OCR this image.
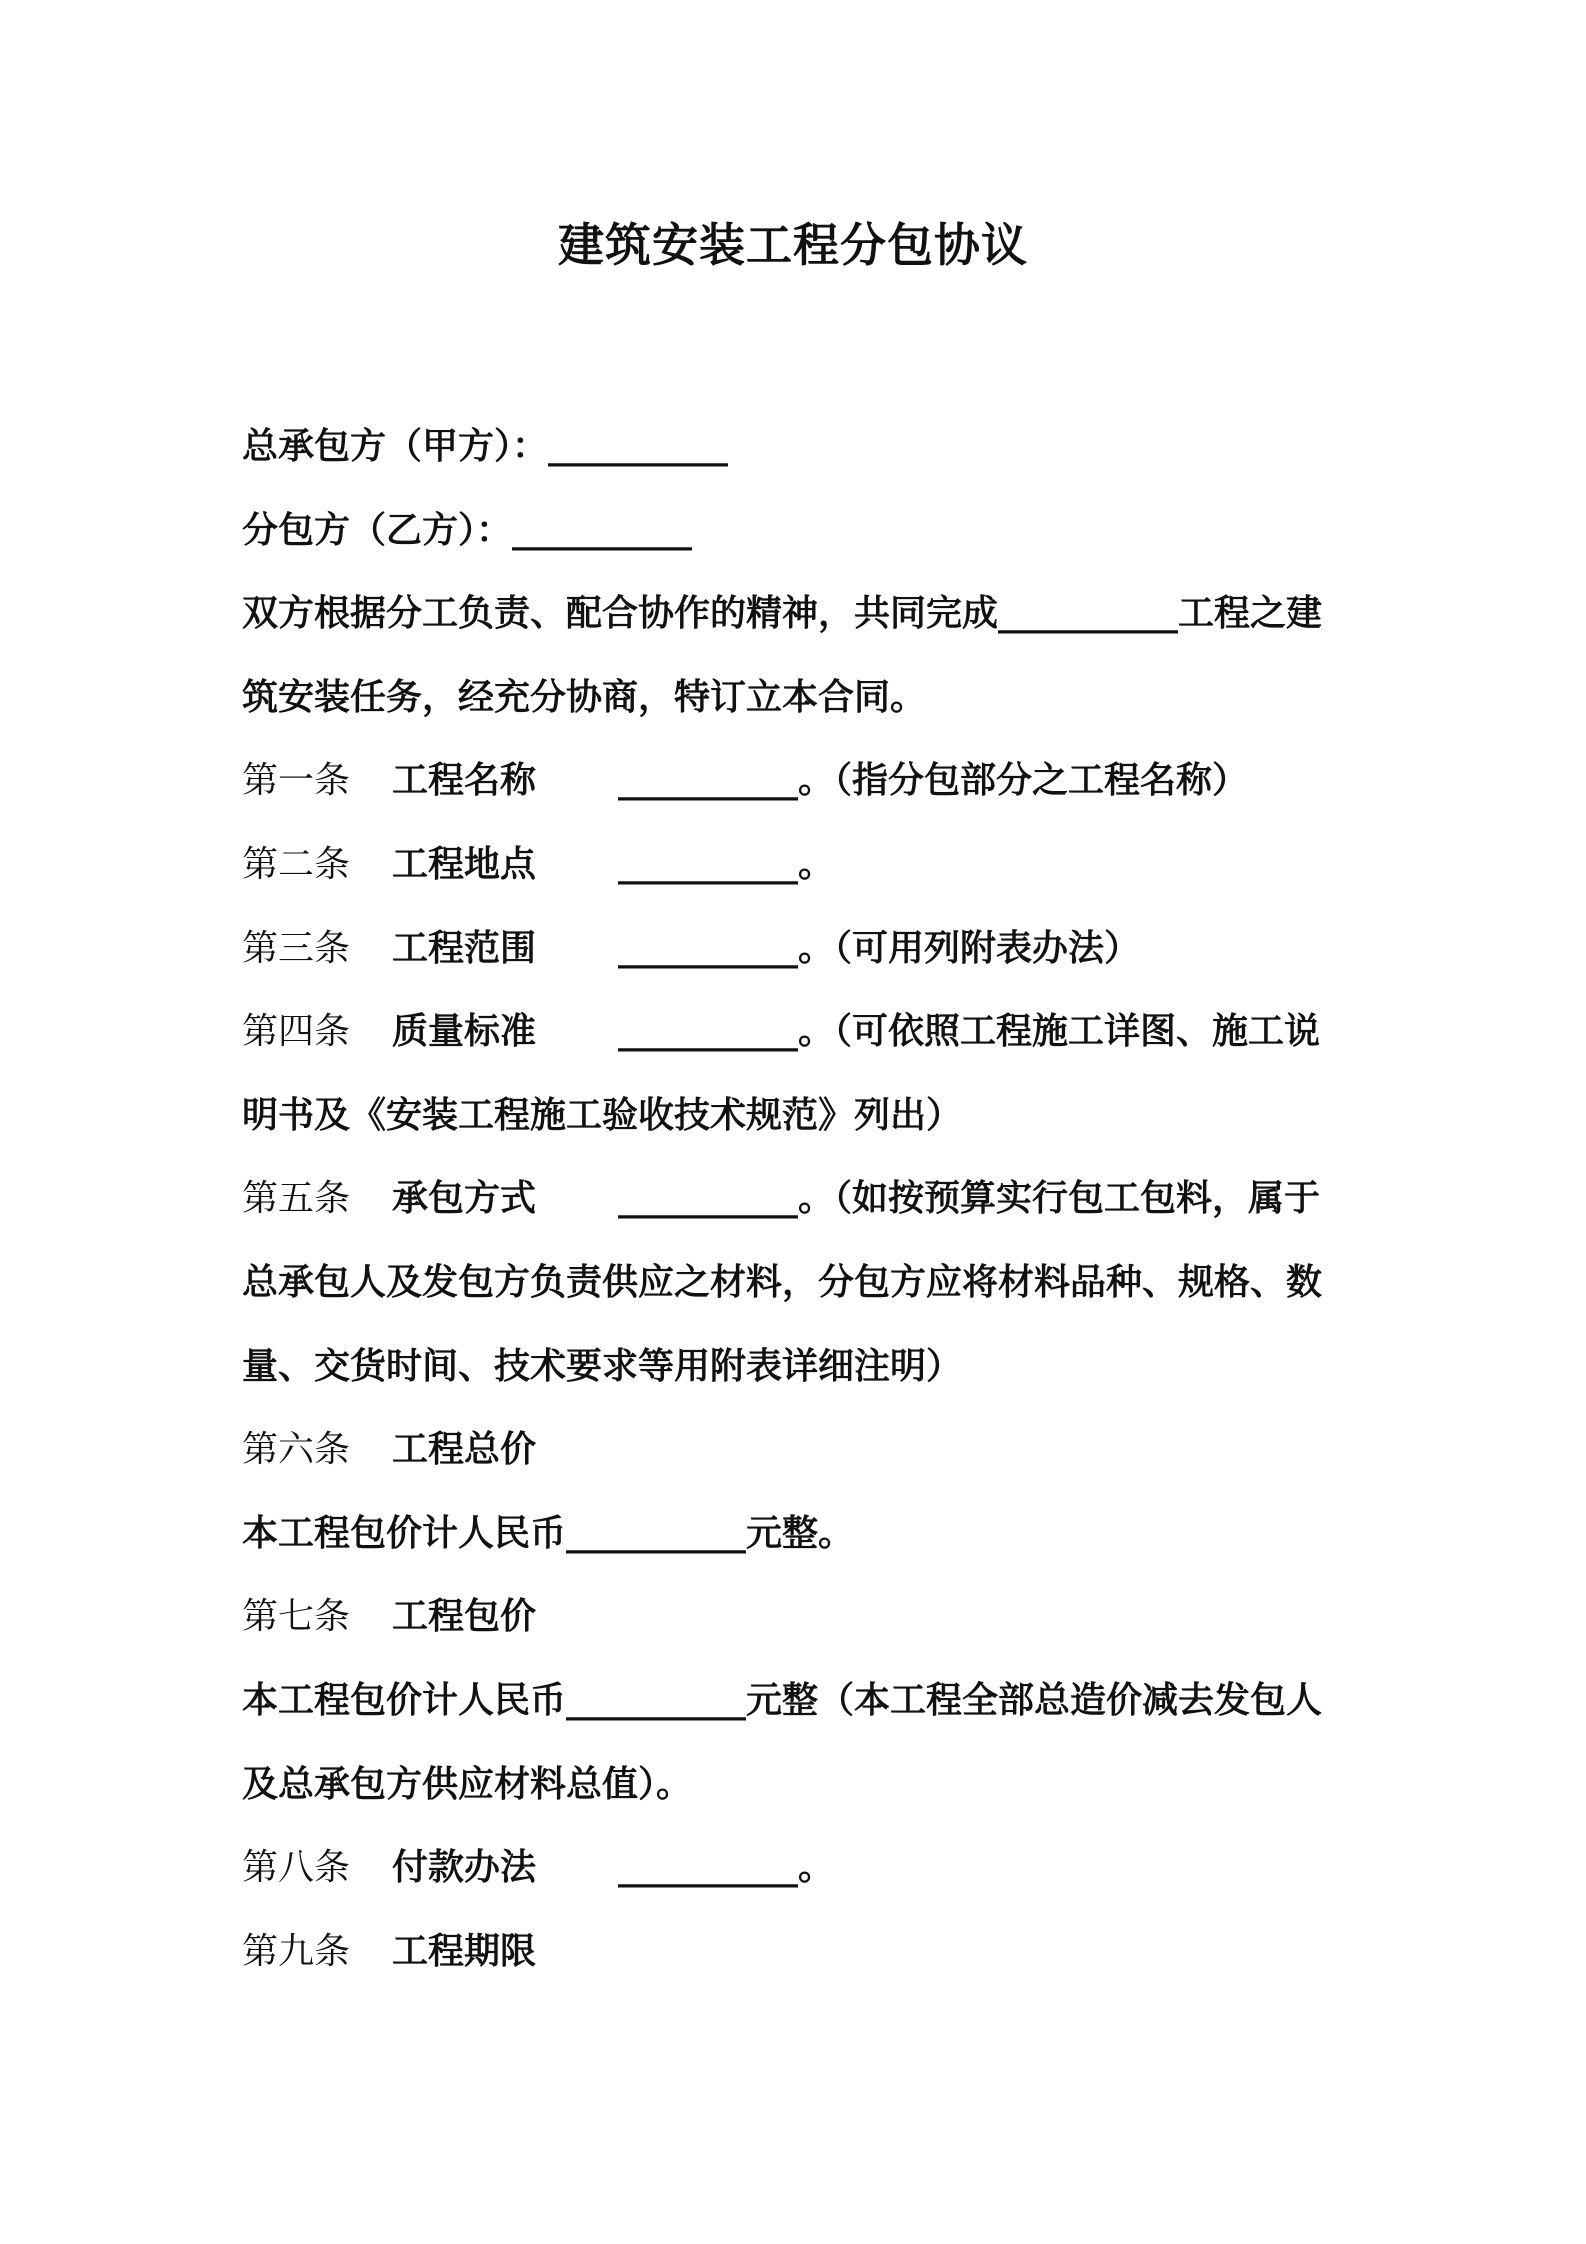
建筑安装工程分包协议
总承包方（甲方）：__________
分包方（乙方）：__________
双方根据分工负责、配合协作的精神，共同完成__________工程之建
筑安装任务，经充分协商，特订立本合同。
第一条 工程名称 __________。（指分包部分之工程名称）
第二条 工程地点 __________。
第三条 工程范围 __________。（可用列附表办法）
第四条 质量标准 __________。（可依照工程施工详图、施工说
明书及《安装工程施工验收技术规范》列出）
第五条 承包方式 __________。（如按预算实行包工包料，属于
总承包人及发包方负责供应之材料，分包方应将材料品种、规格、数
量、交货时间、技术要求等用附表详细注明）
第六条 工程总价
本工程包价计人民币__________元整。
第七条 工程包价
本工程包价计人民币__________元整（本工程全部总造价减去发包人
及总承包方供应材料总值）。
第八条 付款办法 __________。
第九条 工程期限
